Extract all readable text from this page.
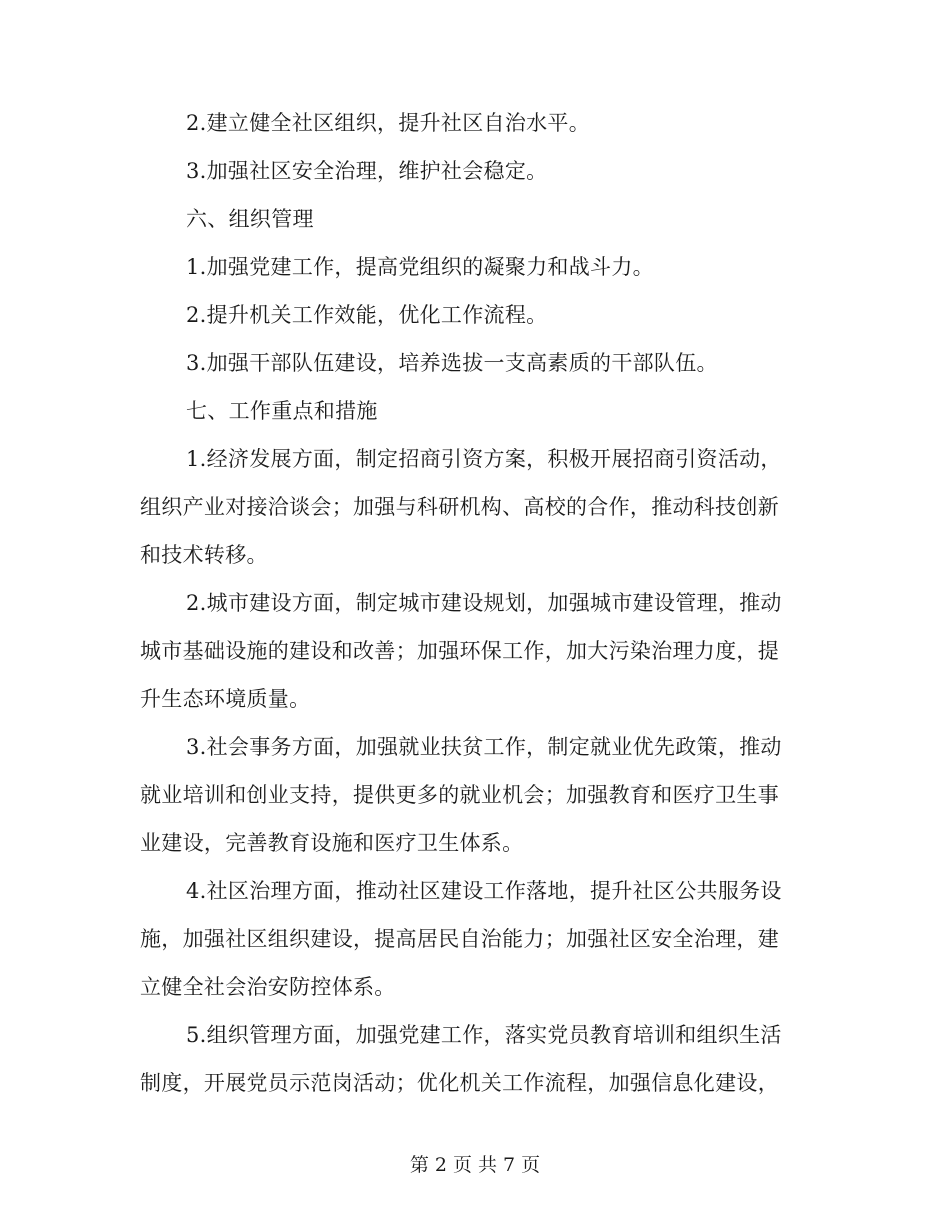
2.建立健全社区组织，提升社区自治水平。
3.加强社区安全治理，维护社会稳定。
六、组织管理
1.加强党建工作，提高党组织的凝聚力和战斗力。
2.提升机关工作效能，优化工作流程。
3.加强干部队伍建设，培养选拔一支高素质的干部队伍。
七、工作重点和措施
1.经济发展方面，制定招商引资方案，积极开展招商引资活动，
组织产业对接洽谈会；加强与科研机构、高校的合作，推动科技创新
和技术转移。
2.城市建设方面，制定城市建设规划，加强城市建设管理，推动
城市基础设施的建设和改善；加强环保工作，加大污染治理力度，提
升生态环境质量。
3.社会事务方面，加强就业扶贫工作，制定就业优先政策，推动
就业培训和创业支持，提供更多的就业机会；加强教育和医疗卫生事
业建设，完善教育设施和医疗卫生体系。
4.社区治理方面，推动社区建设工作落地，提升社区公共服务设
施，加强社区组织建设，提高居民自治能力；加强社区安全治理，建
立健全社会治安防控体系。
5.组织管理方面，加强党建工作，落实党员教育培训和组织生活
制度，开展党员示范岗活动；优化机关工作流程，加强信息化建设，
第 2 页 共 7 页
